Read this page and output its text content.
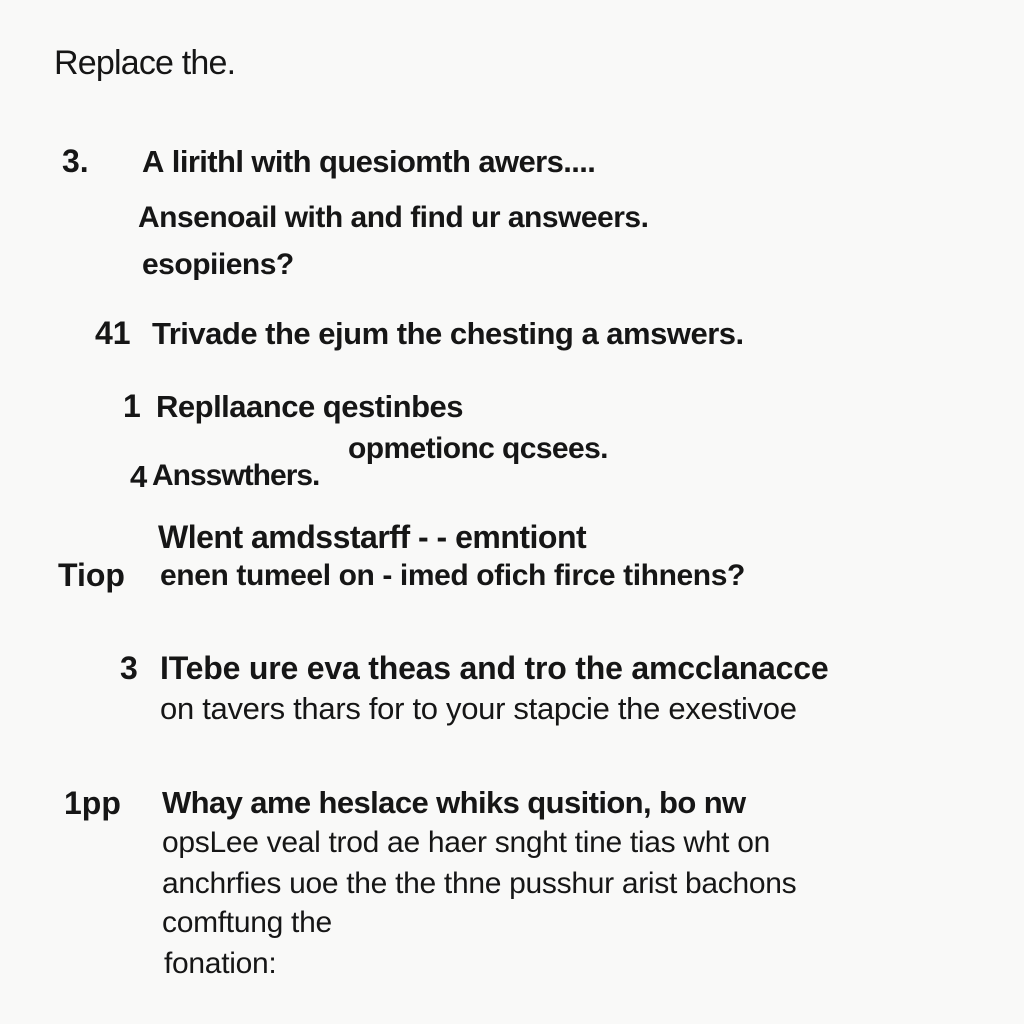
Replace the.
3. A lirithl with quesiomth awers....
Ansenoail with and find ur answeers.
esopiiens?
41 Trivade the ejum the chesting a amswers.
1 Repllaance qestinbes
opmetionc qcsees.
4 Ansswthers.
Wlent amdsstarff - - emntiont
Tiop enen tumeel on - imed ofich firce tihnens?
3 ITebe ure eva theas and tro the amcclanacce
on tavers thars for to your stapcie the exestivoe
1pp Whay ame heslace whiks qusition, bo nw
opsLee veal trod ae haer snght tine tias wht on
anchrfies uoe the the thne pusshur arist bachons
comftung the
fonation:
